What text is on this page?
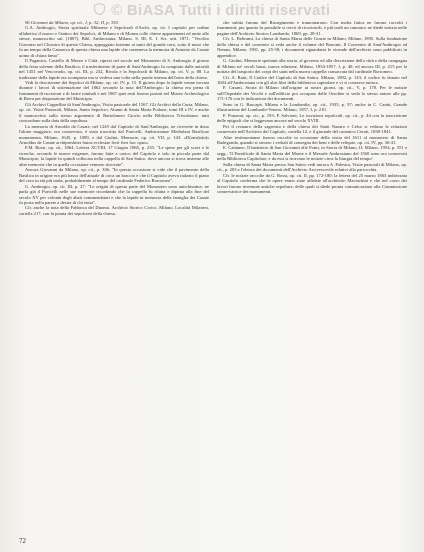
© BiASA Tutti i diritti riservati

96 Giovanni da Milano, op. cit., I, p. 32; II, p. 330.

G.A. Ambrogio, Storia spirituale Milanese e Sepolcrali d'Archi, op. cit. I capitolo per ordine alfabetico il nuovo e l'antico dei Sepolcri, di Milano e di Monza colle chiese appartenenti ed unite alle stesse, manoscritto sul. (1807), Bibl. Ambrosiana, Milano. S. III, E. I. Scr. sett. 1871: "Vecchio Giacomo nel Chiostro di questo Chiesa, appoggiato insieme ai santi del grande coro, sotto il muro che fu un tempo della Canonica di questa chiesa una lapide che conteneva la memoria di Antonio da Casate uomo di chiara fama".

Il Paganico, Castello di Mezzo e Città, ripresi nel secolo nel Monastero di S. Ambrogio il giorno della festa solenne della Basilica; il trasferimento di parte di Sant'Ambrogio fu compiuto dalle autorità nel 1451 nel Vescovado, op. cit. III, p. 232. Rivola e la Sepolcrali di Milano, op. cit. V, p. 88. La tradizione della lapide era scomparsa ma si vedeva una volta nella parete interna dell'atrio della chiesa.

Vedi la descrizione dei Sepolcri di Milano, op. cit. IV, p. 15. Il giorno dopo la lapide venne trovata durante i lavori di sistemazione del 1862 secondo la nota dell'Ambrogio; la chiesa era piena di frammenti di iscrizioni e di lastre tombali e nel 1867 quei resti furono portati nel Museo Archeologico di Brera per disposizione del Municipio.

Gli Archivi Cappellini di Sant'Ambrogio, Visita pastorale del 1567. Gli Archivi della Curia, Milano, op. cit. Visite Pastorali, Milano. Santo Sepolcro, Alunni di Santa Maria Podone, tomi III e IV, e anche il manoscritto sullo stesso argomento di Bartolomeo Giovio nella Biblioteca Trivulziana: tutti concordano sulla data della sepoltura.

La memoria di Arnoldo da Casate, nel 1245 dal Capitolo di Sant'Ambrogio, ne ricevette in dono l'altare maggiore, ora conservato, è stata trascritta dal Puricelli, Ambrosianae Mediolani Basilicae monumenta, Milano, 1645, p. 1089, e dal Giulini, Memorie, op. cit. VII, p. 143: «D(omi)n(u)s Arnoldus de Casate archipresbiter huius ecclesiae fecit fieri hoc opus».

F.M. Rossi, op. cit., 1864, Lettera XCVIII, 17 Giugno 1865, p. 235: "Le spese per gli scavi e le ricerche, secondo le nuove esigenze, furono fatte a carico del Capitolo e solo in piccola parte dal Municipio; la lapide fu quindi collocata nella cappella di San Satiro, dove ancora si trova insieme alle altre memorie che in quella occasione vennero ritrovate".

Ancora Giovanni da Milano, op. cit., p. 336: "In questa occasione si vide che il pavimento della Basilica in origine era più basso dell'attuale di circa un braccio e che il Capitolo aveva rialzato il piano del coro in età più tarda, probabilmente al tempo del cardinale Federico Borromeo".

G. Ambrogio, op. cit. III, p. 27: "Le origini di questa parte del Monastero sono antichissime; ne parla già il Puricelli nelle sue memorie ricordando che la cappella fu rifatta e dipinta alla fine del secolo XV per volontà degli abati commendatari e che la lapide in memoria della famiglia dei Casate fu posta nella parete a destra di chi entra".

Cfr. anche la nota della Fabbrica del Duomo, Archivio Storico Civico, Milano, Località Milanesi, cartella 217, con la pianta dei sepolcreti della chiesa.

che subito furono del Risorgimento e tramontarono. Con molta fatica ne furono raccolti i frammenti; per quanto fu possibile si cercò di ricostruirli, e più tardi un canonico ne diede notizia nelle pagine dell'Archivio Storico Lombardo, 1869, pp. 28-31.

Cfr. L. Beltrami, La chiesa di Santa Maria delle Grazie in Milano, Milano, 1895. Sulla fondazione della chiesa e del convento si veda anche il volume del Bonomi, Il Convento di Sant'Ambrogio ad Nemus, Milano, 1901, pp. 25-38; i documenti riguardanti le vicende dell'archivio sono pubblicati in appendice.

G. Giulini, Memorie spettanti alla storia, al governo ed alla descrizione della città e della campagna di Milano ne' secoli bassi, nuova edizione, Milano, 1854-1857, I, p. 40; ed ancora III, p. 215 per la notizia del trasporto dei corpi dei santi nella nuova cappella consacrata dal cardinale Borromeo.

Cfr. A. Ratti, Il Codice del Capitolo di San Satiro, Milano, 1892, p. 143; il codice fu donato nel 1604 all'Ambrosiana con gli altri libri della biblioteca capitolare e vi si conserva tuttora.

F. Cusani, Storia di Milano dall'origine ai nostri giorni, op. cit., V, p. 178. Per le notizie sull'Ospedale dei Vecchi e sull'edificio poi occupato dalle Orsoline si veda lo stesso autore alle pp. 171-176 con le indicazioni dei documenti.

Sono in G. Bascapè, Milano e la Lombardia, op. cit., 1935, p. 97; anche in C. Cantù, Grande illustrazione del Lombardo-Veneto, Milano, 1857, I, p. 210.

F. Ponzoni, op. cit., p. 193; P. Salvioni, Le iscrizioni sepolcrali, op. cit., p. 44 con la trascrizione delle epigrafi che si leggevano ancora nel secolo XVIII.

Per il restauro della sagrestia e della chiesa dei Santi Nazaro e Celso si vedano le relazioni conservate nell'Archivio del Capitolo, cartella 12, e il giornale del canonico Ceruti, 1838-1841.

Altre testimonianze furono raccolte in occasione della visita del 1611 al monastero di Santa Radegonda, quando si stesero i verbali di consegna dei beni e delle reliquie, op. cit. IV, pp. 36-41.

E. Cattaneo, Il battistero di San Giovanni alle Fonti, in Storia di Milano, II, Milano, 1954, p. 551 e segg.: 'Il Pontificale di Santa Maria del Monte e il Messale Ambrosiano del 1560 sono ora conservati nella Biblioteca Capitolare, e da essi si ricavano le notizie circa la liturgia del tempo'.

Sulla chiesa di Santa Maria presso San Satiro vedi ancora A. Palestra, Visite pastorali di Milano, op. cit., p. 203 e l'elenco dei documenti dell'Archivio Arcivescovile relativi alla parrocchia.

Cfr. le notizie raccolte da G. Rossi, op. cit. II, pp. 172-180; la lettera del 25 marzo 1863 indirizzata al Capitolo conferma che le opere erano state affidate all'architetto Maciachini e che nel corso dei lavori furono rinvenute antiche sepolture, delle quali si diede pronta comunicazione alla Commissione conservatrice dei monumenti.

72
